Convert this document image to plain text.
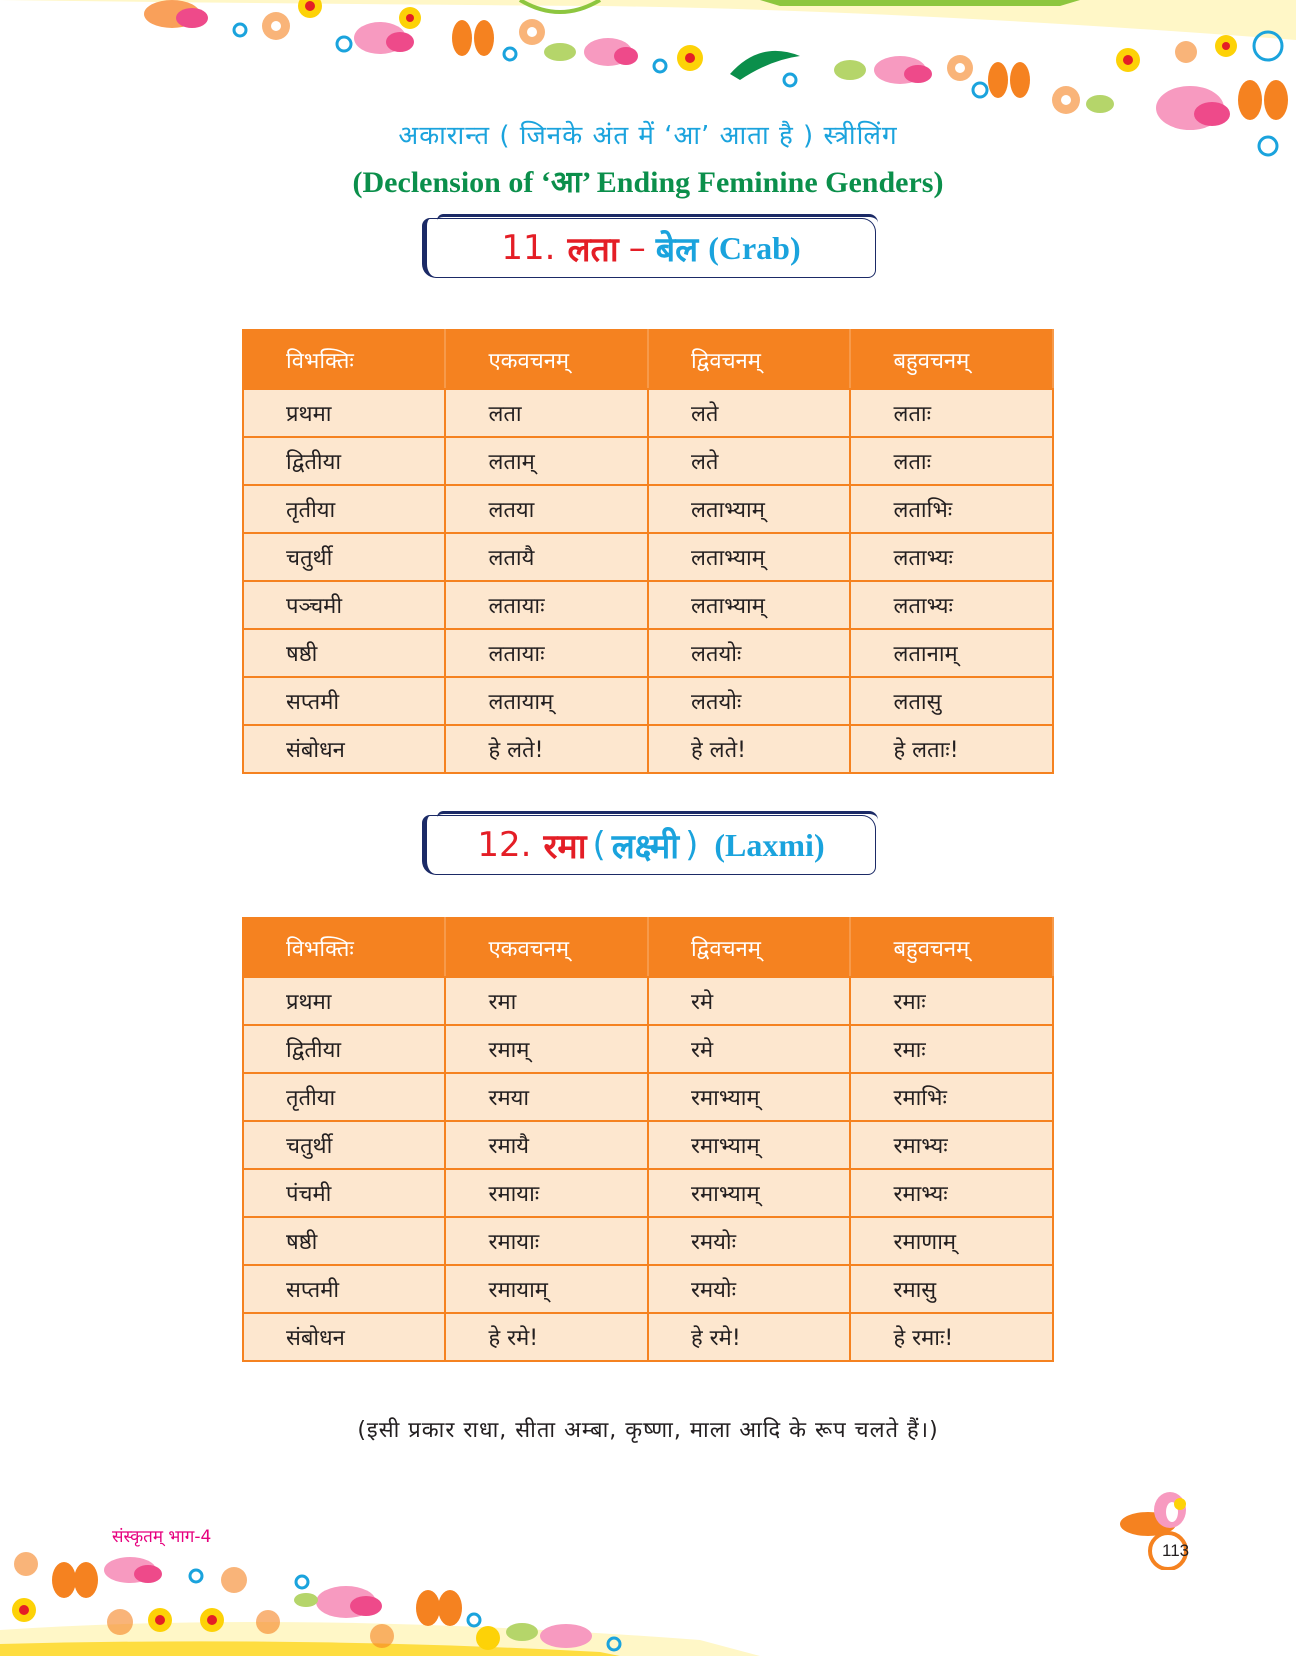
अकारान्त ( जिनके अंत में ‘आ’ आता है ) स्त्रीलिंग
(Declension of ‘आ’ Ending Feminine Genders)
11. लता – बेल (Crab)
विभक्तिः	एकवचनम्	द्विवचनम्	बहुवचनम्
प्रथमा	लता	लते	लताः
द्वितीया	लताम्	लते	लताः
तृतीया	लतया	लताभ्याम्	लताभिः
चतुर्थी	लतायै	लताभ्याम्	लताभ्यः
पञ्चमी	लतायाः	लताभ्याम्	लताभ्यः
षष्ठी	लतायाः	लतयोः	लतानाम्
सप्तमी	लतायाम्	लतयोः	लतासु
संबोधन	हे लते!	हे लते!	हे लताः!
12. रमा ( लक्ष्मी ) (Laxmi)
विभक्तिः	एकवचनम्	द्विवचनम्	बहुवचनम्
प्रथमा	रमा	रमे	रमाः
द्वितीया	रमाम्	रमे	रमाः
तृतीया	रमया	रमाभ्याम्	रमाभिः
चतुर्थी	रमायै	रमाभ्याम्	रमाभ्यः
पंचमी	रमायाः	रमाभ्याम्	रमाभ्यः
षष्ठी	रमायाः	रमयोः	रमाणाम्
सप्तमी	रमायाम्	रमयोः	रमासु
संबोधन	हे रमे!	हे रमे!	हे रमाः!
(इसी प्रकार राधा, सीता अम्बा, कृष्णा, माला आदि के रूप चलते हैं।)
संस्कृतम् भाग-4
113
